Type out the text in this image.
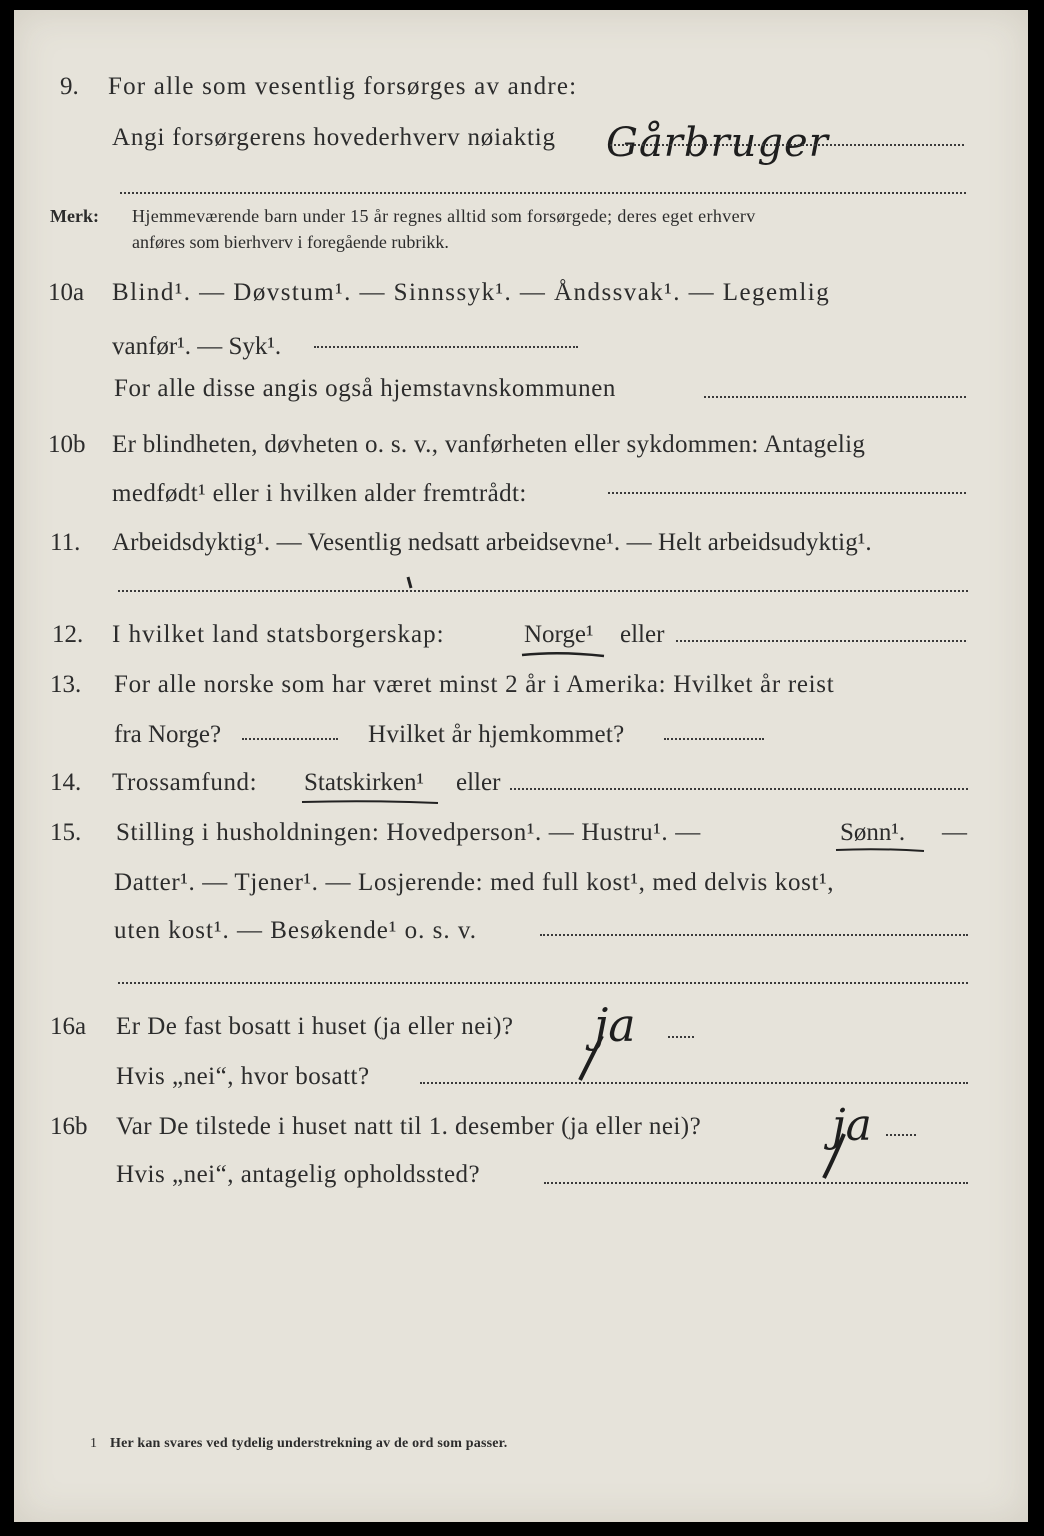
9. For alle som vesentlig forsørges av andre:
Angi forsørgerens hovederhverv nøiaktig Gårbruger
Merk: Hjemmeværende barn under 15 år regnes alltid som forsørgede; deres eget erhverv
anføres som bierhverv i foregående rubrikk.
10a Blind¹. — Døvstum¹. — Sinnssyk¹. — Åndssvak¹. — Legemlig
vanfør¹. — Syk¹.
For alle disse angis også hjemstavnskommunen
10b Er blindheten, døvheten o. s. v., vanførheten eller sykdommen: Antagelig
medfødt¹ eller i hvilken alder fremtrådt:
11. Arbeidsdyktig¹. — Vesentlig nedsatt arbeidsevne¹. — Helt arbeidsudyktig¹.
12. I hvilket land statsborgerskap:	Norge¹ eller
13. For alle norske som har været minst 2 år i Amerika: Hvilket år reist
fra Norge?	Hvilket år hjemkommet?
14. Trossamfund: Statskirken¹ eller
15. Stilling i husholdningen: Hovedperson¹. — Hustru¹. —	Sønn¹. —
Datter¹. — Tjener¹. — Losjerende: med full kost¹, med delvis kost¹,
uten kost¹. — Besøkende¹ o. s. v.
16a Er De fast bosatt i huset (ja eller nei)? ja
Hvis „nei“, hvor bosatt?
16b Var De tilstede i huset natt til 1. desember (ja eller nei)?	ja
Hvis „nei“, antagelig opholdssted?
1 Her kan svares ved tydelig understrekning av de ord som passer.
